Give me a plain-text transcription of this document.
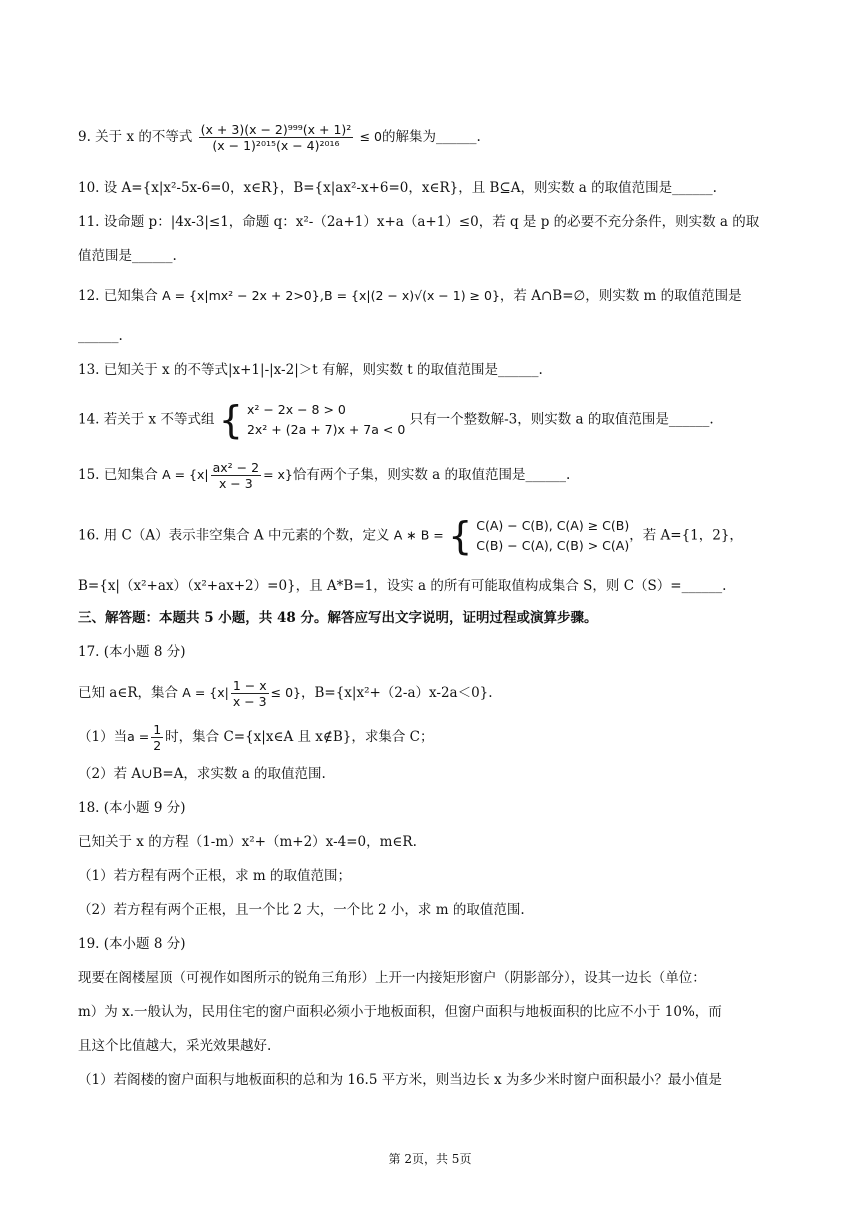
9. 关于 x 的不等式 $\frac{\text{(x + 3)(x − 2)⁹⁹⁹(x + 1)²}}{\text{(x − 1)²⁰¹⁵(x − 4)²⁰¹⁶}} \le 0$的解集为______.
10. 设 A={x|x²-5x-6=0，x∈R}，B={x|ax²-x+6=0，x∈R}，且 B⊆A，则实数 a 的取值范围是______.
11. 设命题 p：|4x-3|≤1，命题 q：x²-（2a+1）x+a（a+1）≤0，若 q 是 p 的必要不充分条件，则实数 a 的取
值范围是______.
12. 已知集合 A = {x|mx² − 2x + 2>0},B = {x|(2 − x)√(x − 1) ≥ 0}，若 A∩B=∅，则实数 m 的取值范围是
______.
13. 已知关于 x 的不等式|x+1|-|x-2|＞t 有解，则实数 t 的取值范围是______.
14. 若关于 x 不等式组 { x² − 2x − 8 > 0
2x² + (2a + 7)x + 7a < 0
只有一个整数解-3，则实数 a 的取值范围是______.
15. 已知集合 $A = \{x| \frac{\text{ax² − 2}}{x - 3} = x\}$恰有两个子集，则实数 a 的取值范围是______.
16. 用 C（A）表示非空集合 A 中元素的个数，定义 A ∗ B = { C(A) − C(B), C(A) ≥ C(B)
C(B) − C(A), C(B) > C(A)
，若 A={1，2}，
B={x|（x²+ax）（x²+ax+2）=0}，且 A*B=1，设实 a 的所有可能取值构成集合 S，则 C（S）=______.
三、解答题：本题共 5 小题，共 48 分。解答应写出文字说明，证明过程或演算步骤。
17. (本小题 8 分)
已知 a∈R，集合 $A = \{x| \frac{1 - x}{x - 3} \le 0\}$，B={x|x²+（2-a）x-2a＜0}.
（1）当$a = \frac{1}{2}$ 时，集合 C={x|x∈A 且 x∉B}，求集合 C；
（2）若 A∪B=A，求实数 a 的取值范围.
18. (本小题 9 分)
已知关于 x 的方程（1-m）x²+（m+2）x-4=0，m∈R.
（1）若方程有两个正根，求 m 的取值范围；
（2）若方程有两个正根，且一个比 2 大，一个比 2 小，求 m 的取值范围.
19. (本小题 8 分)
现要在阁楼屋顶（可视作如图所示的锐角三角形）上开一内接矩形窗户（阴影部分），设其一边长（单位：
m）为 x.一般认为，民用住宅的窗户面积必须小于地板面积，但窗户面积与地板面积的比应不小于 10%，而
且这个比值越大，采光效果越好.
（1）若阁楼的窗户面积与地板面积的总和为 16.5 平方米，则当边长 x 为多少米时窗户面积最小？最小值是
第 2页，共 5页
